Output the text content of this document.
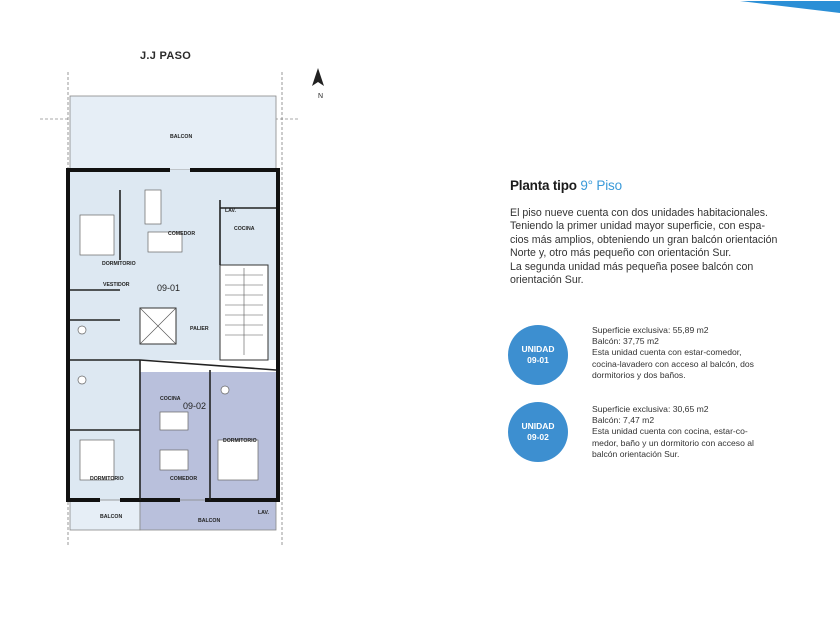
J.J PASO
N
BALCON
COMEDOR
COCINA
LAV.
DORMITORIO
VESTIDOR
PALIER
COCINA
DORMITORIO
DORMITORIO	COMEDOR
BALCON
BALCON
LAV.
09-01
09-02
Planta tipo 9° Piso
El piso nueve cuenta con dos unidades habitacionales.
Teniendo la primer unidad mayor superficie, con espa-
cios más amplios, obteniendo un gran balcón orientación
Norte y, otro más pequeño con orientación Sur.
La segunda unidad más pequeña posee balcón con
orientación Sur.
UNIDAD
09-01
Superficie exclusiva: 55,89 m2
Balcón: 37,75 m2
Esta unidad cuenta con estar-comedor,
cocina-lavadero con acceso al balcón, dos
dormitorios y dos baños.
UNIDAD
09-02
Superficie exclusiva: 30,65 m2
Balcón: 7,47 m2
Esta unidad cuenta con cocina, estar-co-
medor, baño y un dormitorio con acceso al
balcón orientación Sur.
